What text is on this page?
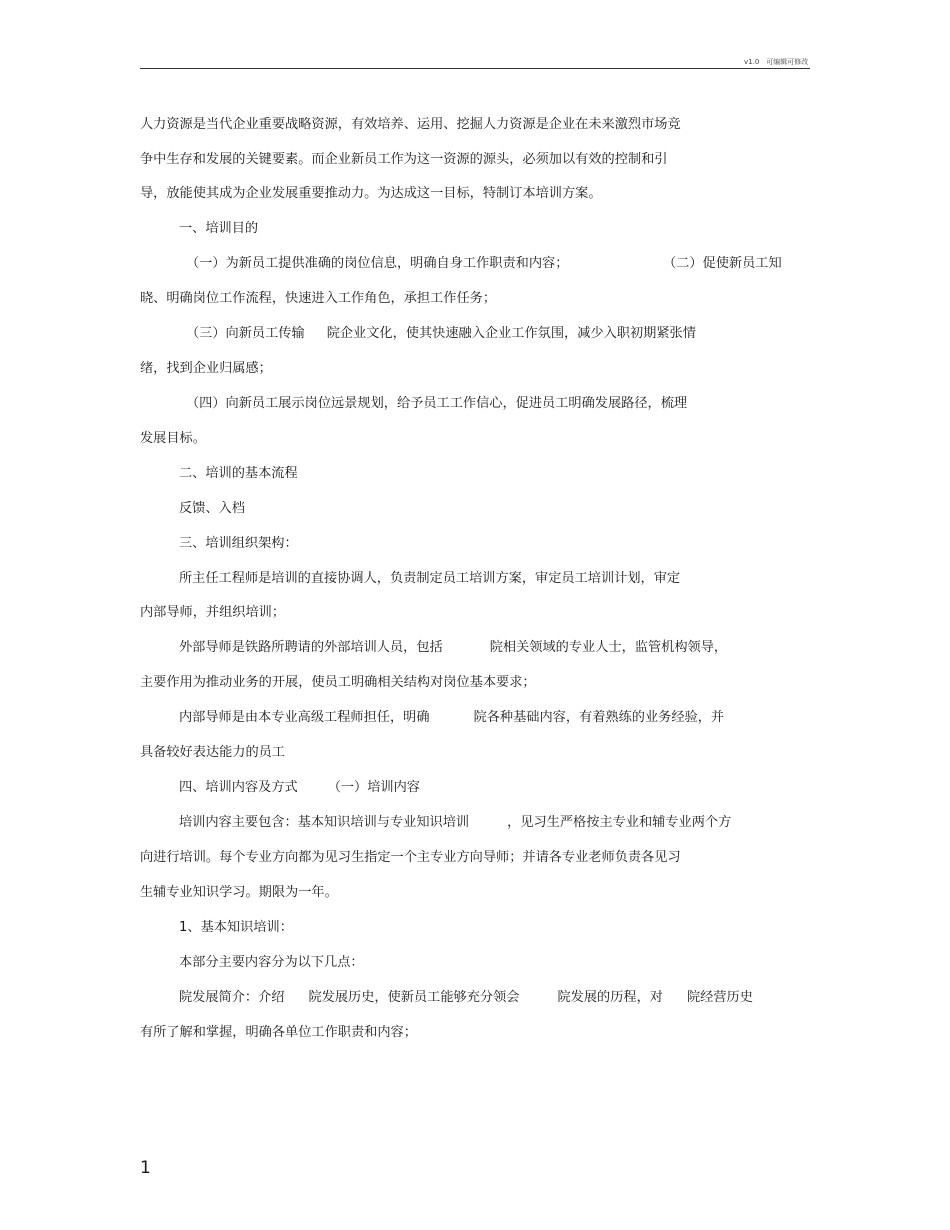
v1.0　可编辑可修改
人力资源是当代企业重要战略资源，有效培养、运用、挖掘人力资源是企业在未来激烈市场竞
争中生存和发展的关键要素。而企业新员工作为这一资源的源头，必须加以有效的控制和引
导，放能使其成为企业发展重要推动力。为达成这一目标，特制订本培训方案。
一、培训目的
（一）为新员工提供准确的岗位信息，明确自身工作职责和内容；	（二）促使新员工知
晓、明确岗位工作流程，快速进入工作角色，承担工作任务；
（三）向新员工传输 院企业文化，使其快速融入企业工作氛围，减少入职初期紧张情
绪，找到企业归属感；
（四）向新员工展示岗位远景规划，给予员工工作信心，促进员工明确发展路径，梳理
发展目标。
二、培训的基本流程
反馈、入档
三、培训组织架构：
所主任工程师是培训的直接协调人，负责制定员工培训方案，审定员工培训计划，审定
内部导师，并组织培训；
外部导师是铁路所聘请的外部培训人员，包括	院相关领域的专业人士，监管机构领导，
主要作用为推动业务的开展，使员工明确相关结构对岗位基本要求；
内部导师是由本专业高级工程师担任，明确	院各种基础内容，有着熟练的业务经验，并
具备较好表达能力的员工
四、培训内容及方式 （一）培训内容
培训内容主要包含：基本知识培训与专业知识培训	，见习生严格按主专业和辅专业两个方
向进行培训。每个专业方向都为见习生指定一个主专业方向导师；并请各专业老师负责各见习
生辅专业知识学习。期限为一年。
1、基本知识培训：
本部分主要内容分为以下几点：
院发展简介：介绍 院发展历史，使新员工能够充分领会	院发展的历程，对 院经营历史
有所了解和掌握，明确各单位工作职责和内容；
1
